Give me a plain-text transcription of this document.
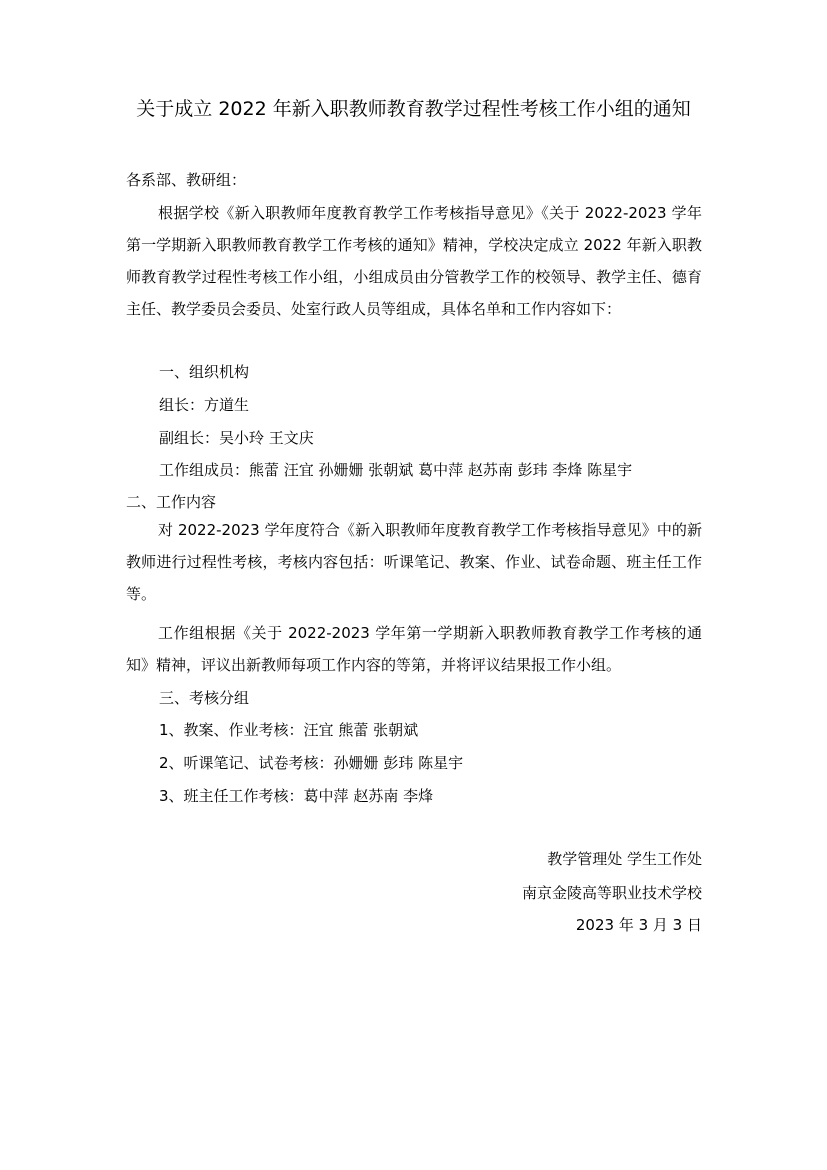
关于成立 2022 年新入职教师教育教学过程性考核工作小组的通知
各系部、教研组：
根据学校《新入职教师年度教育教学工作考核指导意见》《关于 2022-2023 学年第一学期新入职教师教育教学工作考核的通知》精神，学校决定成立 2022 年新入职教师教育教学过程性考核工作小组，小组成员由分管教学工作的校领导、教学主任、德育主任、教学委员会委员、处室行政人员等组成，具体名单和工作内容如下：
一、组织机构
组长：方道生
副组长：吴小玲 王文庆
工作组成员：熊蕾 汪宜 孙姗姗 张朝斌 葛中萍 赵苏南 彭玮 李烽 陈星宇
二、工作内容
对 2022-2023 学年度符合《新入职教师年度教育教学工作考核指导意见》中的新教师进行过程性考核，考核内容包括：听课笔记、教案、作业、试卷命题、班主任工作等。
工作组根据《关于 2022-2023 学年第一学期新入职教师教育教学工作考核的通知》精神，评议出新教师每项工作内容的等第，并将评议结果报工作小组。
三、考核分组
1、教案、作业考核：汪宜 熊蕾 张朝斌
2、听课笔记、试卷考核：孙姗姗 彭玮 陈星宇
3、班主任工作考核：葛中萍 赵苏南 李烽
教学管理处 学生工作处
南京金陵高等职业技术学校
2023 年 3 月 3 日
